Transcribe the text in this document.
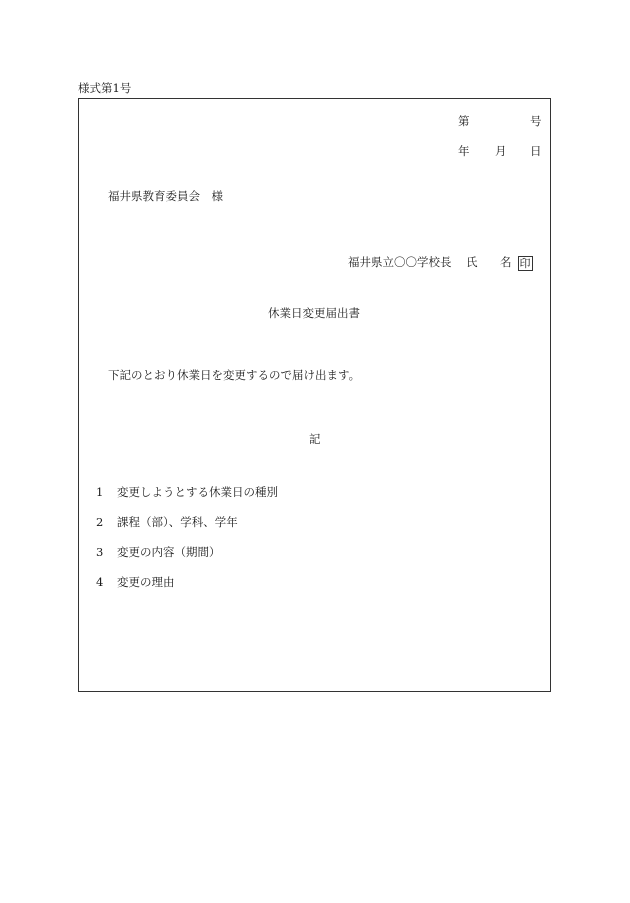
様式第1号
第	号
年 月 日
福井県教育委員会　様
福井県立〇〇学校長 氏 名 印
休業日変更届出書
下記のとおり休業日を変更するので届け出ます。
記
1 変更しようとする休業日の種別
2 課程（部）、学科、学年
3 変更の内容（期間）
4 変更の理由
